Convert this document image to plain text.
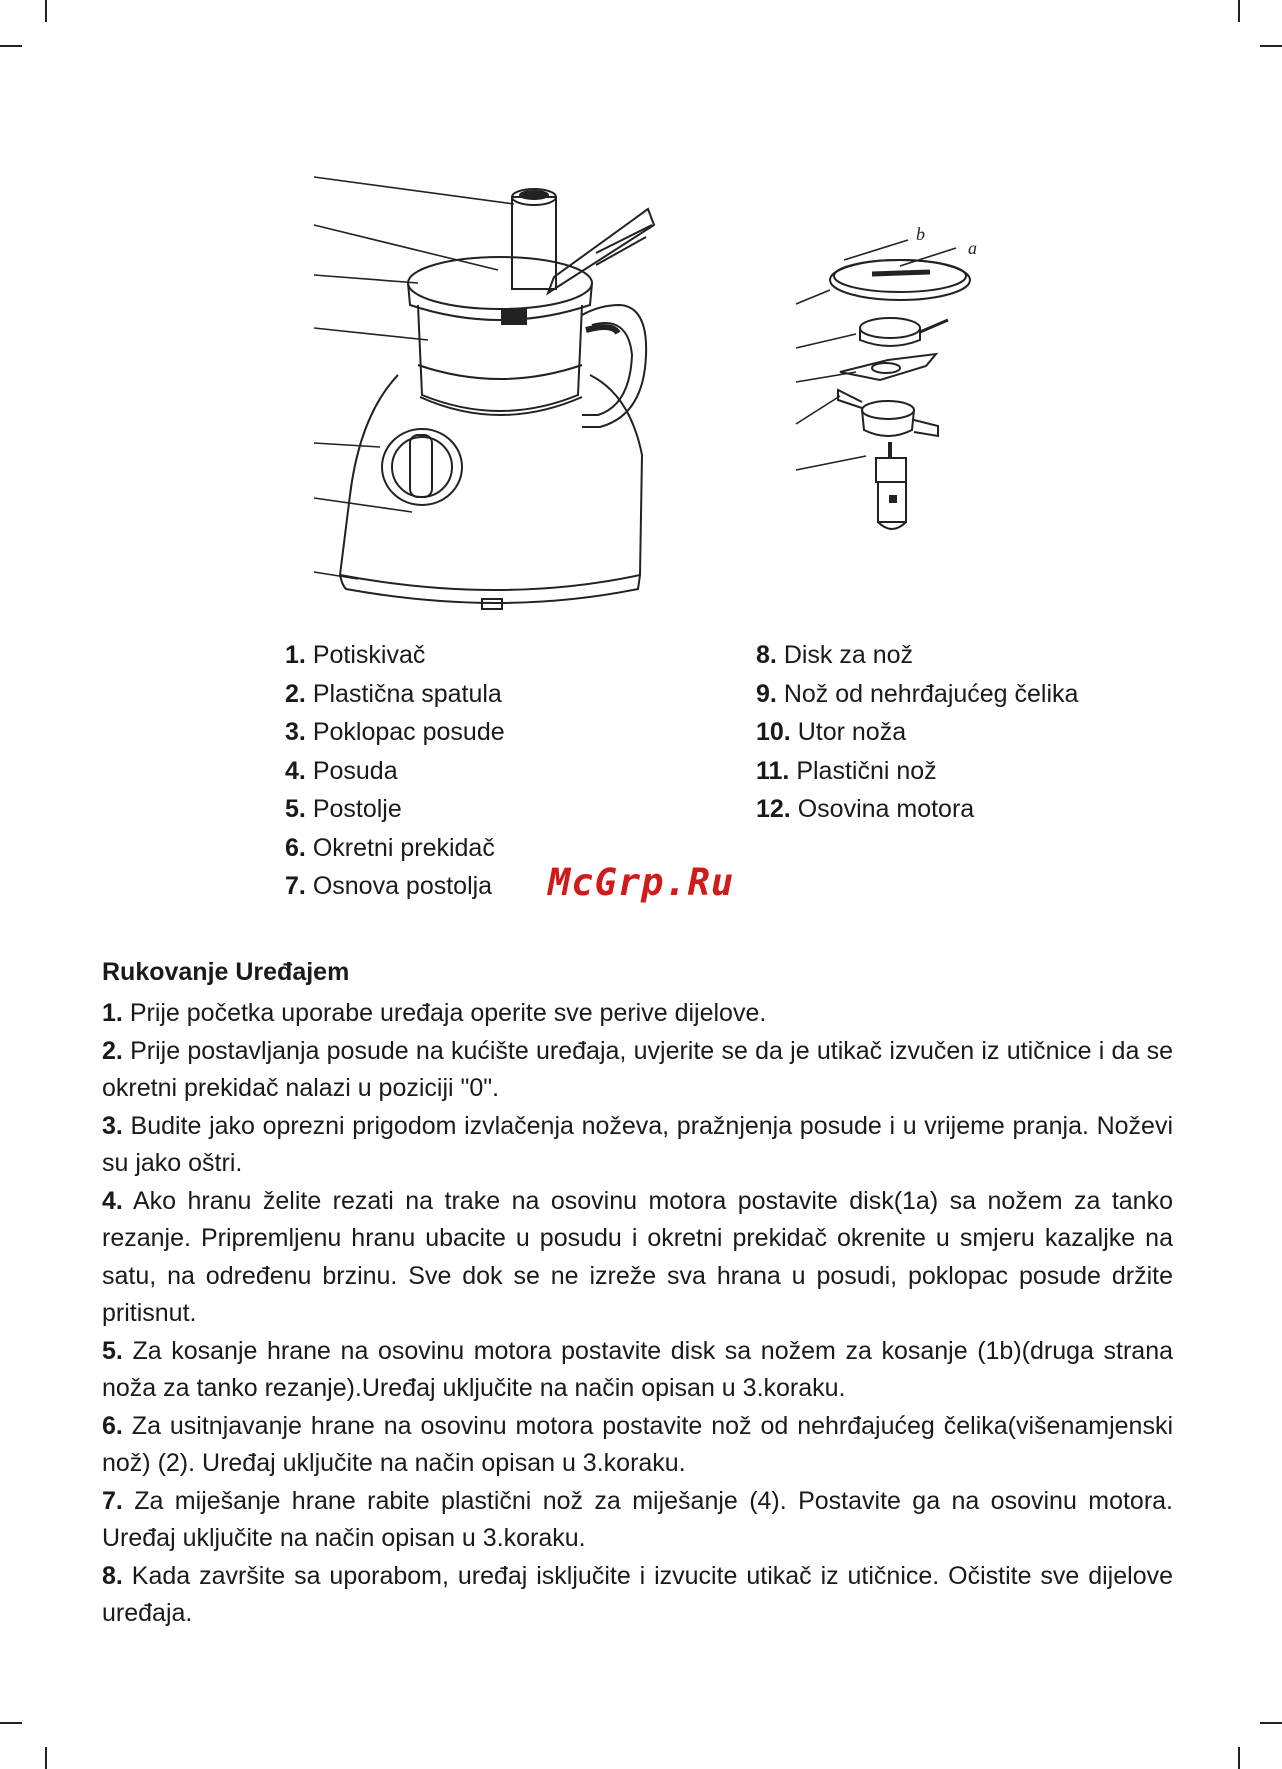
b
a
1. Potiskivač
2. Plastična spatula
3. Poklopac posude
4. Posuda
5. Postolje
6. Okretni prekidač
7. Osnova postolja
8. Disk za nož
9. Nož od nehrđajućeg čelika
10. Utor noža
11. Plastični nož
12. Osovina motora
McGrp.Ru
Rukovanje Uređajem

1. Prije početka uporabe uređaja operite sve perive dijelove.

2. Prije postavljanja posude na kućište uređaja, uvjerite se da je utikač izvučen iz utičnice i da se okretni prekidač nalazi u poziciji "0".

3. Budite jako oprezni prigodom izvlačenja noževa, pražnjenja posude i u vrijeme pranja. Noževi su jako oštri.

4. Ako hranu želite rezati na trake na osovinu motora postavite disk(1a) sa nožem za tanko rezanje. Pripremljenu hranu ubacite u posudu i okretni prekidač okrenite u smjeru kazaljke na satu, na određenu brzinu. Sve dok se ne izreže sva hrana u posudi, poklopac posude držite pritisnut.

5. Za kosanje hrane na osovinu motora postavite disk sa nožem za kosanje (1b)(druga strana noža za tanko rezanje).Uređaj uključite na način opisan u 3.koraku.

6. Za usitnjavanje hrane na osovinu motora postavite nož od nehrđajućeg čelika(višenamjenski nož) (2). Uređaj uključite na način opisan u 3.koraku.

7. Za miješanje hrane rabite plastični nož za miješanje (4). Postavite ga na osovinu motora. Uređaj uključite na način opisan u 3.koraku.

8. Kada završite sa uporabom, uređaj isključite i izvucite utikač iz utičnice. Očistite sve dijelove uređaja.
